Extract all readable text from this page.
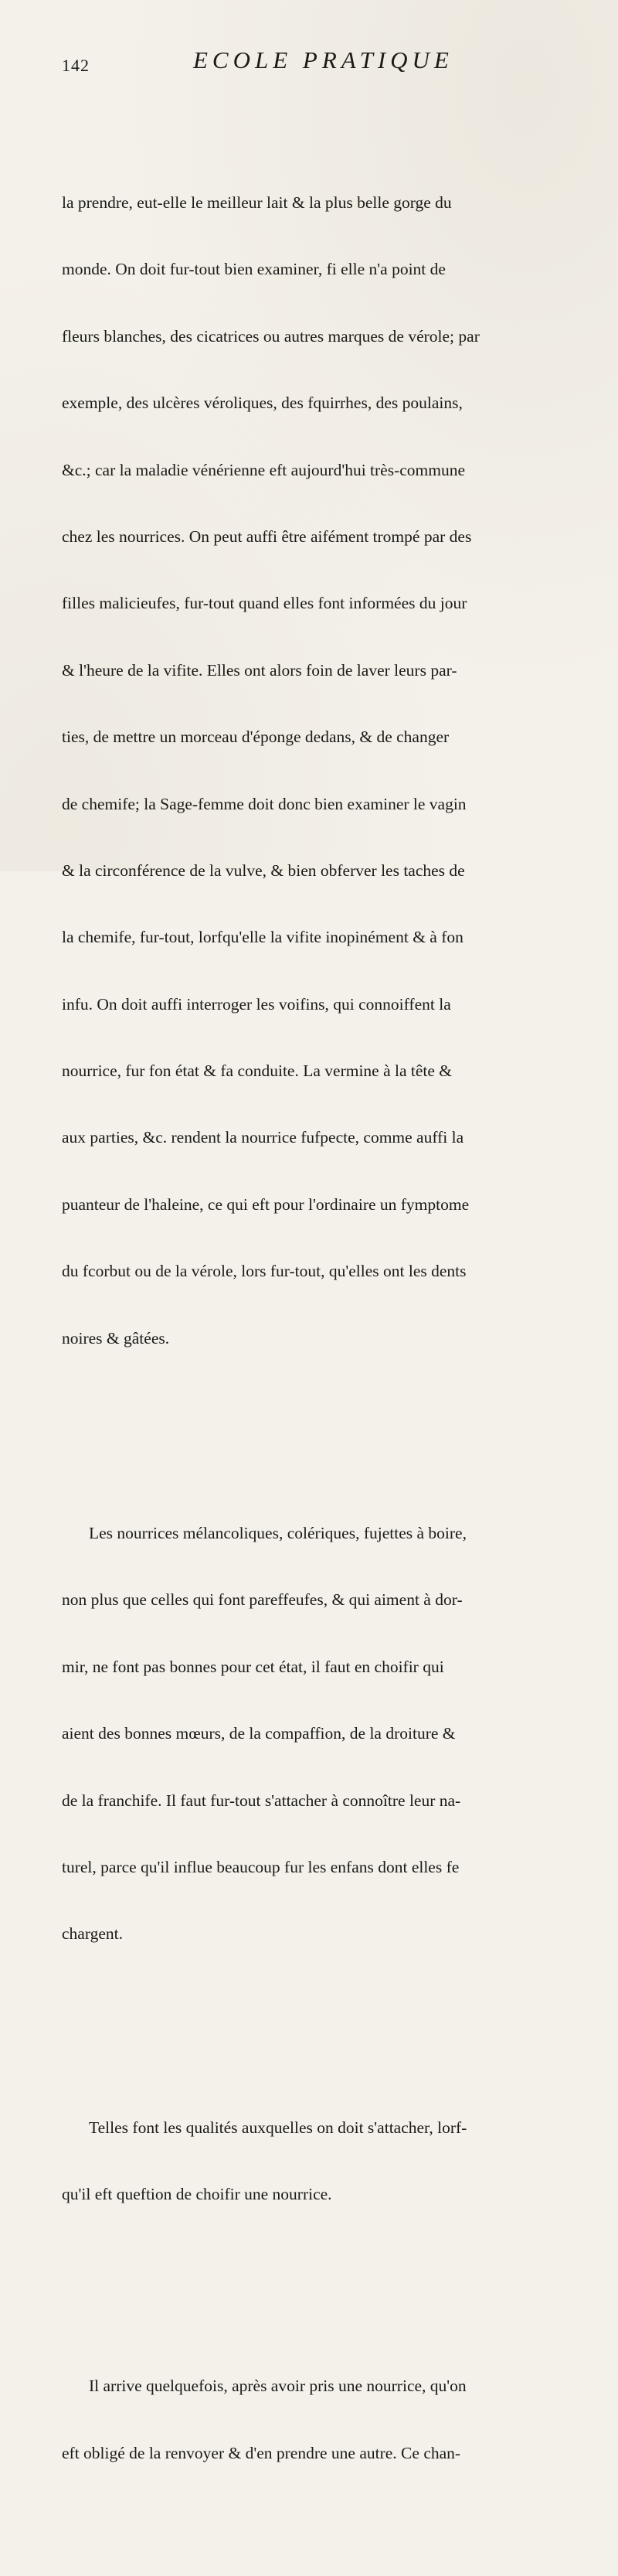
142	ECOLE PRATIQUE

la prendre, eut-elle le meilleur lait & la plus belle gorge du

monde. On doit fur-tout bien examiner, fi elle n'a point de

fleurs blanches, des cicatrices ou autres marques de vérole; par

exemple, des ulcères véroliques, des fquirrhes, des poulains,

&c.; car la maladie vénérienne eft aujourd'hui très-commune

chez les nourrices. On peut auffi être aifément trompé par des

filles malicieufes, fur-tout quand elles font informées du jour

& l'heure de la vifite. Elles ont alors foin de laver leurs par-

ties, de mettre un morceau d'éponge dedans, & de changer

de chemife; la Sage-femme doit donc bien examiner le vagin

& la circonférence de la vulve, & bien obferver les taches de

la chemife, fur-tout, lorfqu'elle la vifite inopinément & à fon

infu. On doit auffi interroger les voifins, qui connoiffent la

nourrice, fur fon état & fa conduite. La vermine à la tête &

aux parties, &c. rendent la nourrice fufpecte, comme auffi la

puanteur de l'haleine, ce qui eft pour l'ordinaire un fymptome

du fcorbut ou de la vérole, lors fur-tout, qu'elles ont les dents

noires & gâtées.

Les nourrices mélancoliques, colériques, fujettes à boire,

non plus que celles qui font pareffeufes, & qui aiment à dor-

mir, ne font pas bonnes pour cet état, il faut en choifir qui

aient des bonnes mœurs, de la compaffion, de la droiture &

de la franchife. Il faut fur-tout s'attacher à connoître leur na-

turel, parce qu'il influe beaucoup fur les enfans dont elles fe

chargent.

Telles font les qualités auxquelles on doit s'attacher, lorf-

qu'il eft queftion de choifir une nourrice.

Il arrive quelquefois, après avoir pris une nourrice, qu'on

eft obligé de la renvoyer & d'en prendre une autre. Ce chan-
